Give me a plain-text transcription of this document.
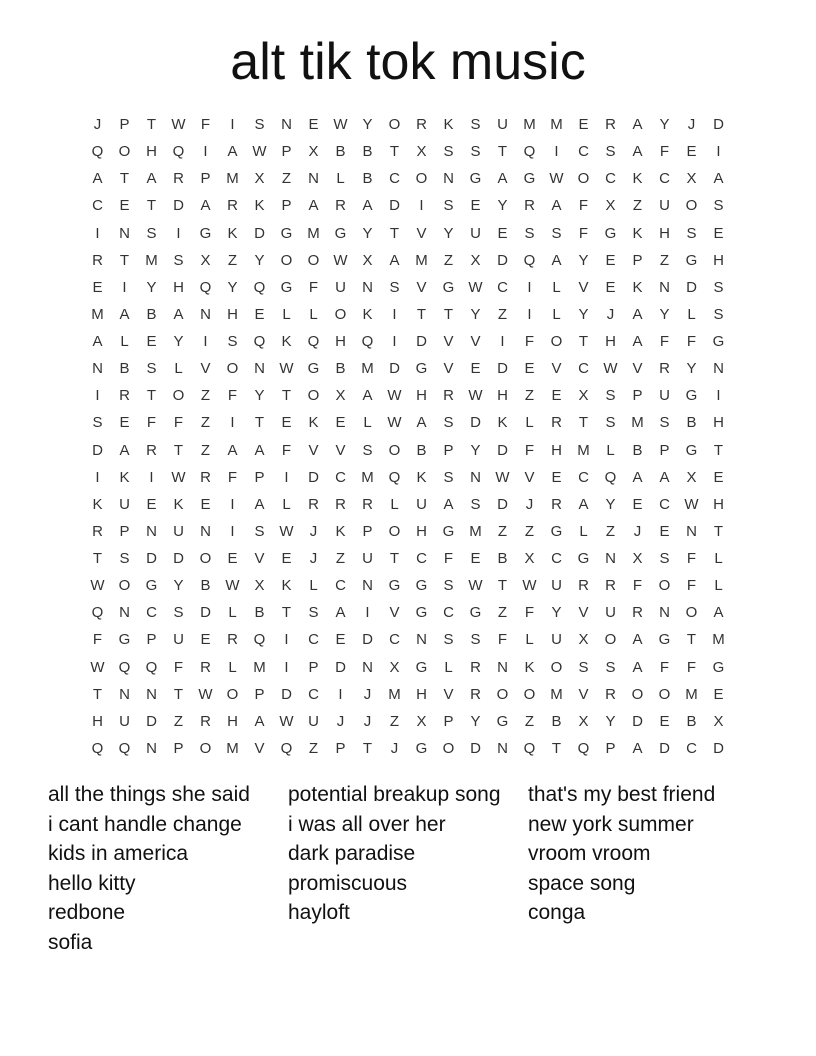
alt tik tok music
J	P	T	W	F	I	S	N	E W Y	O	R	K	S	U	M M	E	R	A	Y	J	D
Q	O	H	Q	I	A W P	X	B	B	T	X	S	S	T	Q	I	C	S	A	F	E	I
A	T	A	R	P	M	X	Z	N	L	B	C	O	N	G	A	G W O	C	K	C	X	A
C	E	T	D	A	R	K	P	A	R	A	D	I	S	E	Y	R	A	F	X	Z	U	O	S
I	N	S	I	G	K	D	G M G	Y	T	V	Y	U	E	S	S	F	G	K	H	S	E
R	T	M	S	X	Z	Y	O	O W X	A	M	Z	X	D	Q	A	Y	E	P	Z	G	H
E	I	Y	H	Q	Y	Q	G	F	U	N	S	V	G W C	I	L	V	E	K	N	D	S
M	A	B	A	N	H	E	L	L	O	K	I	T	T	Y	Z	I	L	Y	J	A	Y	L	S
A	L	E	Y	I	S	Q	K	Q	H	Q	I	D	V	V	I	F	O	T	H	A	F	F	G
N	B	S	L	V	O	N W G	B	M	D	G	V	E	D	E	V	C W V	R	Y	N
I	R	T	O	Z	F	Y	T	O	X	A W H	R W H	Z	E	X	S	P	U	G	I
S	E	F	F	Z	I	T	E	K	E	L	W A	S	D	K	L	R	T	S	M	S	B	H
D	A	R	T	Z	A	A	F	V	V	S	O	B	P	Y	D	F	H	M	L	B	P	G	T
I	K	I	W R	F	P	I	D	C	M Q	K	S	N W V	E	C	Q	A	A	X	E
K	U	E	K	E	I	A	L	R	R	R	L	U	A	S	D	J	R	A	Y	E	C W H
R	P	N	U	N	I	S W	J	K	P	O	H	G M	Z	Z	G	L	Z	J	E	N	T
T	S	D	D	O	E	V	E	J	Z	U	T	C	F	E	B	X	C	G	N	X	S	F	L
W O	G	Y	B W X	K	L	C	N	G	G	S W	T	W U	R	R	F	O	F	L
Q	N	C	S	D	L	B	T	S	A	I	V	G	C	G	Z	F	Y	V	U	R	N	O	A
F	G	P	U	E	R	Q	I	C	E	D	C	N	S	S	F	L	U	X	O	A	G	T	M
W Q	Q	F	R	L	M	I	P	D	N	X	G	L	R	N	K	O	S	S	A	F	F	G
T	N	N	T	W O	P	D	C	I	J	M	H	V	R	O	O M	V	R	O	O M	E
H	U	D	Z	R	H	A W U	J	J	Z	X	P	Y	G	Z	B	X	Y	D	E	B	X
Q	Q	N	P	O M	V	Q	Z	P	T	J	G	O	D	N	Q	T	Q	P	A	D	C	D
all the things she said	potential breakup song	that's my best friend
i cant handle change	i was all over her	new york summer
kids in america	dark paradise	vroom vroom
hello kitty	promiscuous	space song
redbone	hayloft	conga
sofia
